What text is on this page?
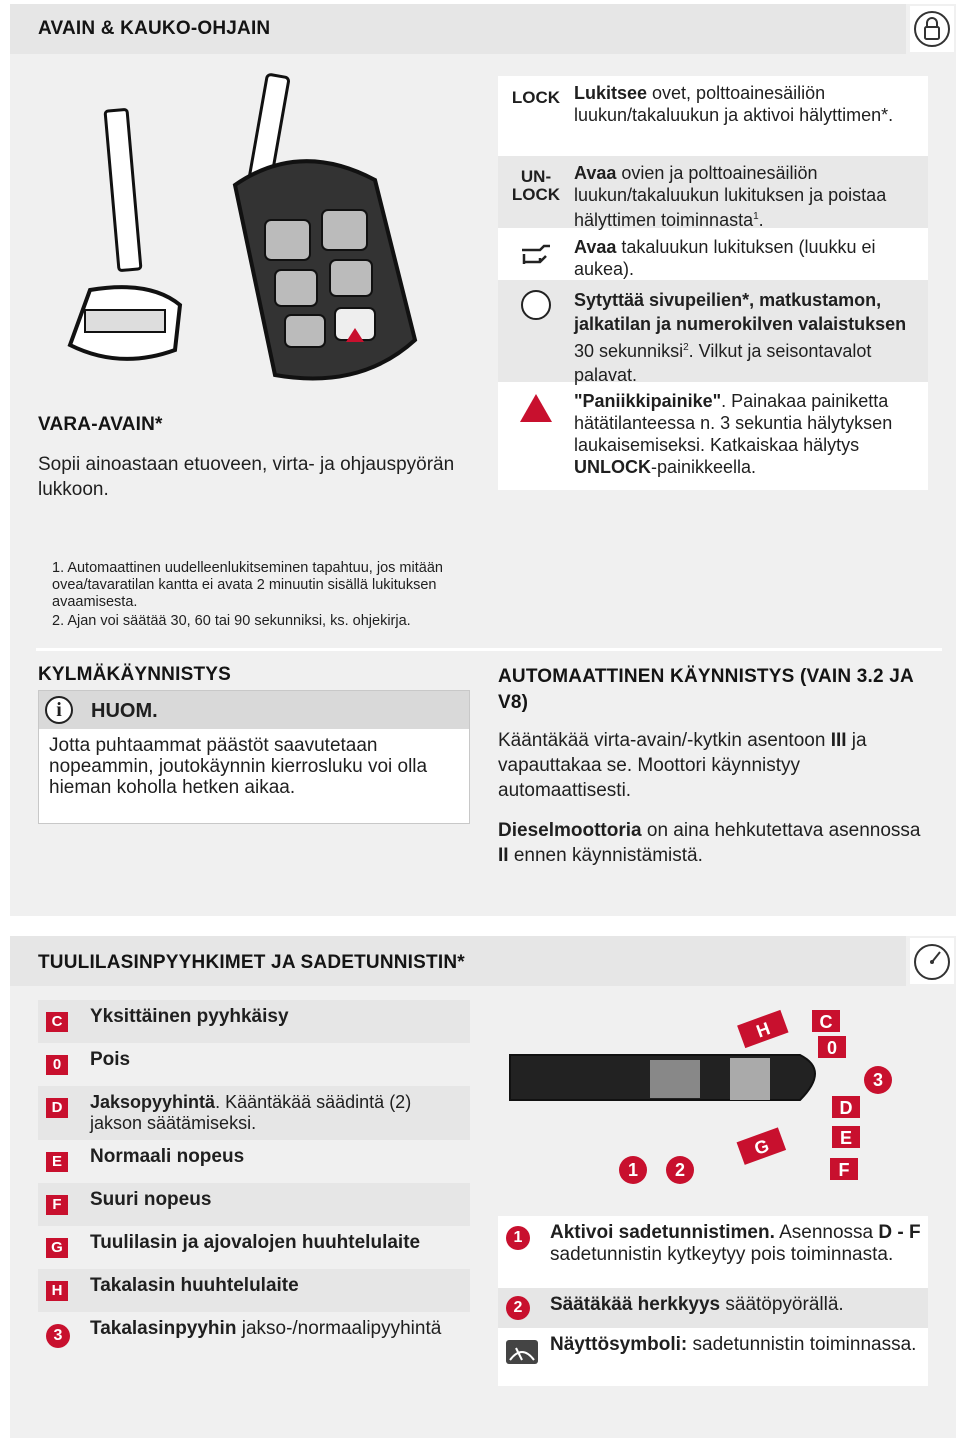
AVAIN & KAUKO-OHJAIN
VARA-AVAIN*
Sopii ainoastaan etuoveen, virta- ja ohjauspyörän lukkoon.
LOCK Lukitsee ovet, polttoainesäiliön luukun/takaluukun ja aktivoi hälyttimen*.
UN-
LOCK
Avaa ovien ja polttoainesäiliön luukun/takaluukun lukituksen ja poistaa hälyttimen toiminnasta$^1$.
Avaa takaluukun lukituksen (luukku ei aukea).
Sytyttää sivupeilien*, matkustamon, jalkatilan ja numerokilven valaistuksen 30 sekunniksi$^2$. Vilkut ja seisontavalot palavat.
"Paniikkipainike". Painakaa painiketta hätätilanteessa n. 3 sekuntia hälytyksen laukaisemiseksi. Katkaiskaa hälytys UNLOCK-painikkeella.
1. Automaattinen uudelleenlukitseminen tapahtuu, jos mitään ovea/tavaratilan kantta ei avata 2 minuutin sisällä lukituksen avaamisesta.
2. Ajan voi säätää 30, 60 tai 90 sekunniksi, ks. ohjekirja.
KYLMÄKÄYNNISTYS
i	HUOM.
Jotta puhtaammat päästöt saavutetaan nopeammin, joutokäynnin kierrosluku voi olla hieman koholla hetken aikaa.
AUTOMAATTINEN KÄYNNISTYS (VAIN 3.2 JA V8)
Kääntäkää virta-avain/-kytkin asentoon III ja vapauttakaa se. Moottori käynnistyy automaattisesti.
Dieselmoottoria on aina hehkutettava asennossa II ennen käynnistämistä.
TUULILASINPYYHKIMET JA SADETUNNISTIN*
C	Yksittäinen pyyhkäisy
0	Pois
D	Jaksopyyhintä. Kääntäkää säädintä (2) jakson säätämiseksi.
E	Normaali nopeus
F	Suuri nopeus
G	Tuulilasin ja ajovalojen huuhtelulaite
H	Takalasin huuhtelulaite
3	Takalasinpyyhin jakso-/normaalipyyhintä
H	C
0
3
D
E
F
G
1 2
1	Aktivoi sadetunnistimen. Asennossa D - F sadetunnistin kytkeytyy pois toiminnasta.
2	Säätäkää herkkyys säätöpyörällä.
Näyttösymboli: sadetunnistin toiminnassa.
